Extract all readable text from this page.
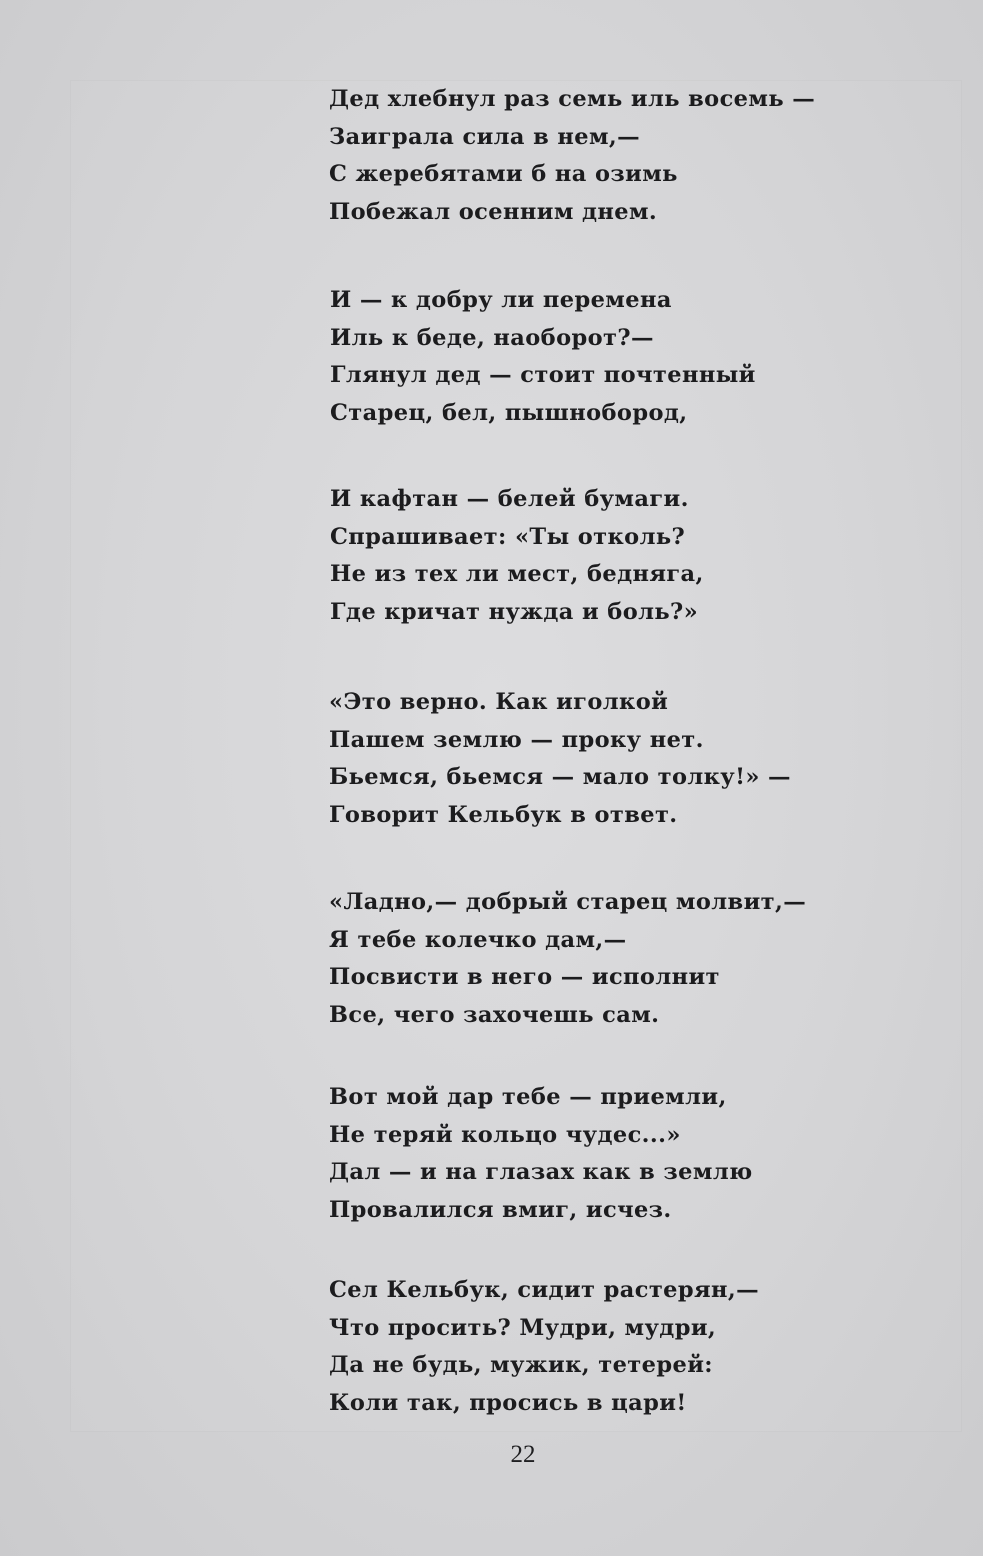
Дед хлебнул раз семь иль восемь —
Заиграла сила в нем,—
С жеребятами б на озимь
Побежал осенним днем.
И — к добру ли перемена
Иль к беде, наоборот?—
Глянул дед — стоит почтенный
Старец, бел, пышнобород,
И кафтан — белей бумаги.
Спрашивает: «Ты отколь?
Не из тех ли мест, бедняга,
Где кричат нужда и боль?»
«Это верно. Как иголкой
Пашем землю — проку нет.
Бьемся, бьемся — мало толку!» —
Говорит Кельбук в ответ.
«Ладно,— добрый старец молвит,—
Я тебе колечко дам,—
Посвисти в него — исполнит
Все, чего захочешь сам.
Вот мой дар тебе — приемли,
Не теряй кольцо чудес...»
Дал — и на глазах как в землю
Провалился вмиг, исчез.
Сел Кельбук, сидит растерян,—
Что просить? Мудри, мудри,
Да не будь, мужик, тетерей:
Коли так, просись в цари!
22
